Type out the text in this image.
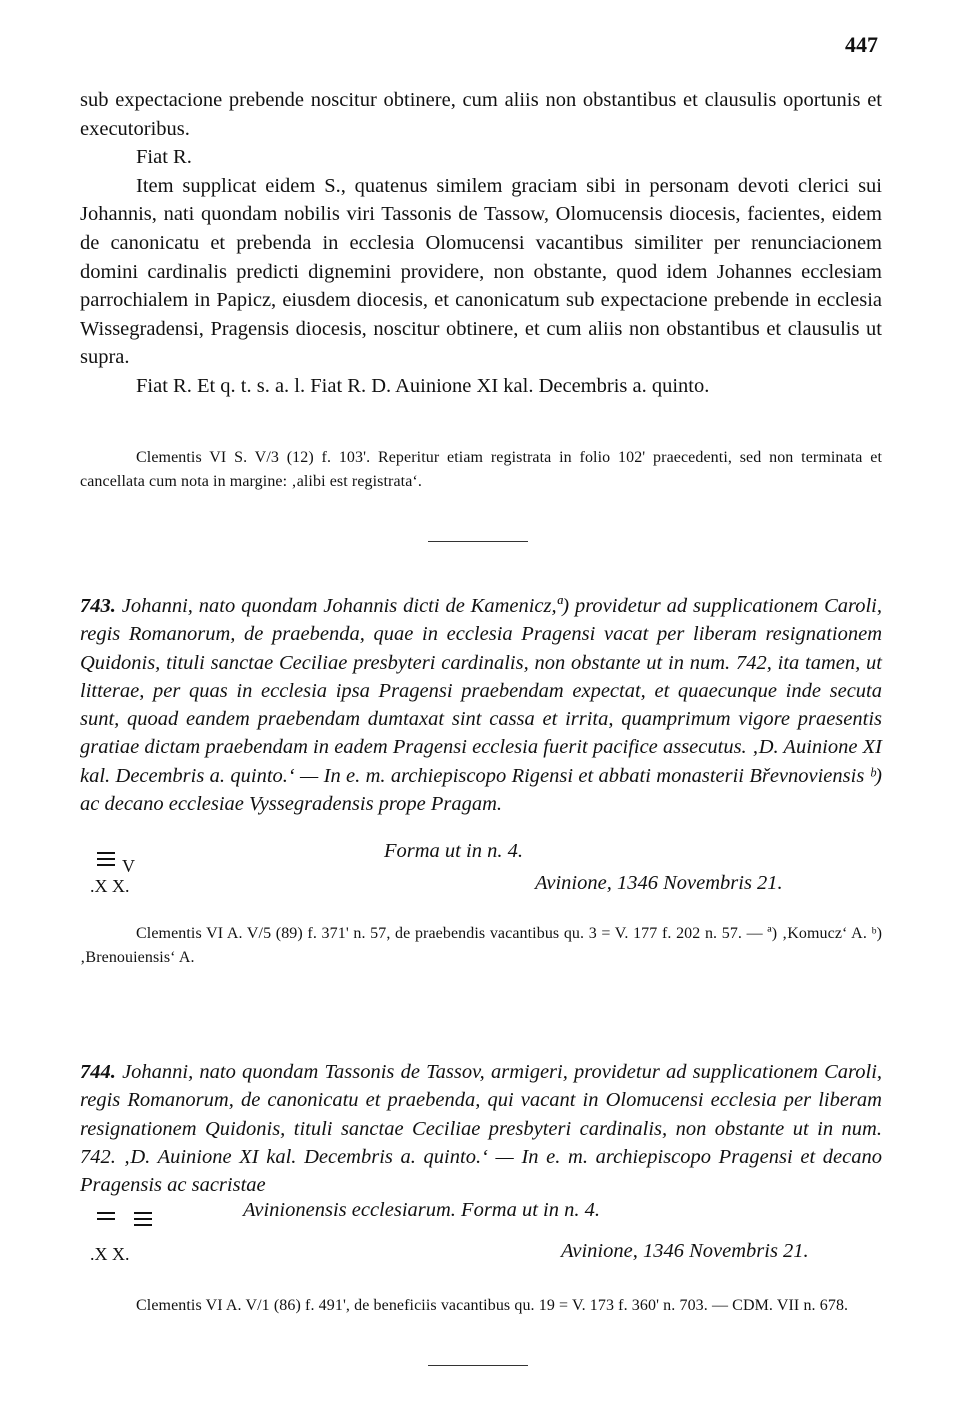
447

sub expectacione prebende noscitur obtinere, cum aliis non obstantibus et clausulis oportunis et executoribus.

Fiat R.

Item supplicat eidem S., quatenus similem graciam sibi in personam devoti clerici sui Johannis, nati quondam nobilis viri Tassonis de Tassow, Olomucensis diocesis, facientes, eidem de canonicatu et prebenda in ecclesia Olomucensi vacantibus similiter per renunciacionem domini cardinalis predicti dignemini providere, non obstante, quod idem Johannes ecclesiam parrochialem in Papicz, eiusdem diocesis, et canonicatum sub expectacione prebende in ecclesia Wissegradensi, Pragensis diocesis, noscitur obtinere, et cum aliis non obstantibus et clausulis ut supra.

Fiat R. Et q. t. s. a. l. Fiat R. D. Auinione XI kal. Decembris a. quinto.

Clementis VI S. V/3 (12) f. 103'. Reperitur etiam registrata in folio 102' praecedenti, sed non terminata et cancellata cum nota in margine: ‚alibi est registrata‘.

743. Johanni, nato quondam Johannis dicti de Kamenicz,ª) providetur ad supplicationem Caroli, regis Romanorum, de praebenda, quae in ecclesia Pragensi vacat per liberam resignationem Quidonis, tituli sanctae Ceciliae presbyteri cardinalis, non obstante ut in num. 742, ita tamen, ut litterae, per quas in ecclesia ipsa Pragensi praebendam expectat, et quaecunque inde secuta sunt, quoad eandem praebendam dumtaxat sint cassa et irrita, quamprimum vigore praesentis gratiae dictam praebendam in eadem Pragensi ecclesia fuerit pacifice assecutus. ‚D. Auinione XI kal. Decembris a. quinto.‘ — In e. m. archiepiscopo Rigensi et abbati monasterii Břevnoviensis ᵇ) ac decano ecclesiae Vyssegradensis prope Pragam.

Forma ut in n. 4.
V
.X X.	Avinione, 1346 Novembris 21.

Clementis VI A. V/5 (89) f. 371' n. 57, de praebendis vacantibus qu. 3 = V. 177 f. 202 n. 57. — ª) ‚Komucz‘ A. ᵇ) ‚Brenouiensis‘ A.

744. Johanni, nato quondam Tassonis de Tassov, armigeri, providetur ad supplicationem Caroli, regis Romanorum, de canonicatu et praebenda, qui vacant in Olomucensi ecclesia per liberam resignationem Quidonis, tituli sanctae Ceciliae presbyteri cardinalis, non obstante ut in num. 742. ‚D. Auinione XI kal. Decembris a. quinto.‘ — In e. m. archiepiscopo Pragensi et decano Pragensis ac sacristae

Avinionensis ecclesiarum. Forma ut in n. 4.
.X X.	Avinione, 1346 Novembris 21.

Clementis VI A. V/1 (86) f. 491', de beneficiis vacantibus qu. 19 = V. 173 f. 360' n. 703. — CDM. VII n. 678.
